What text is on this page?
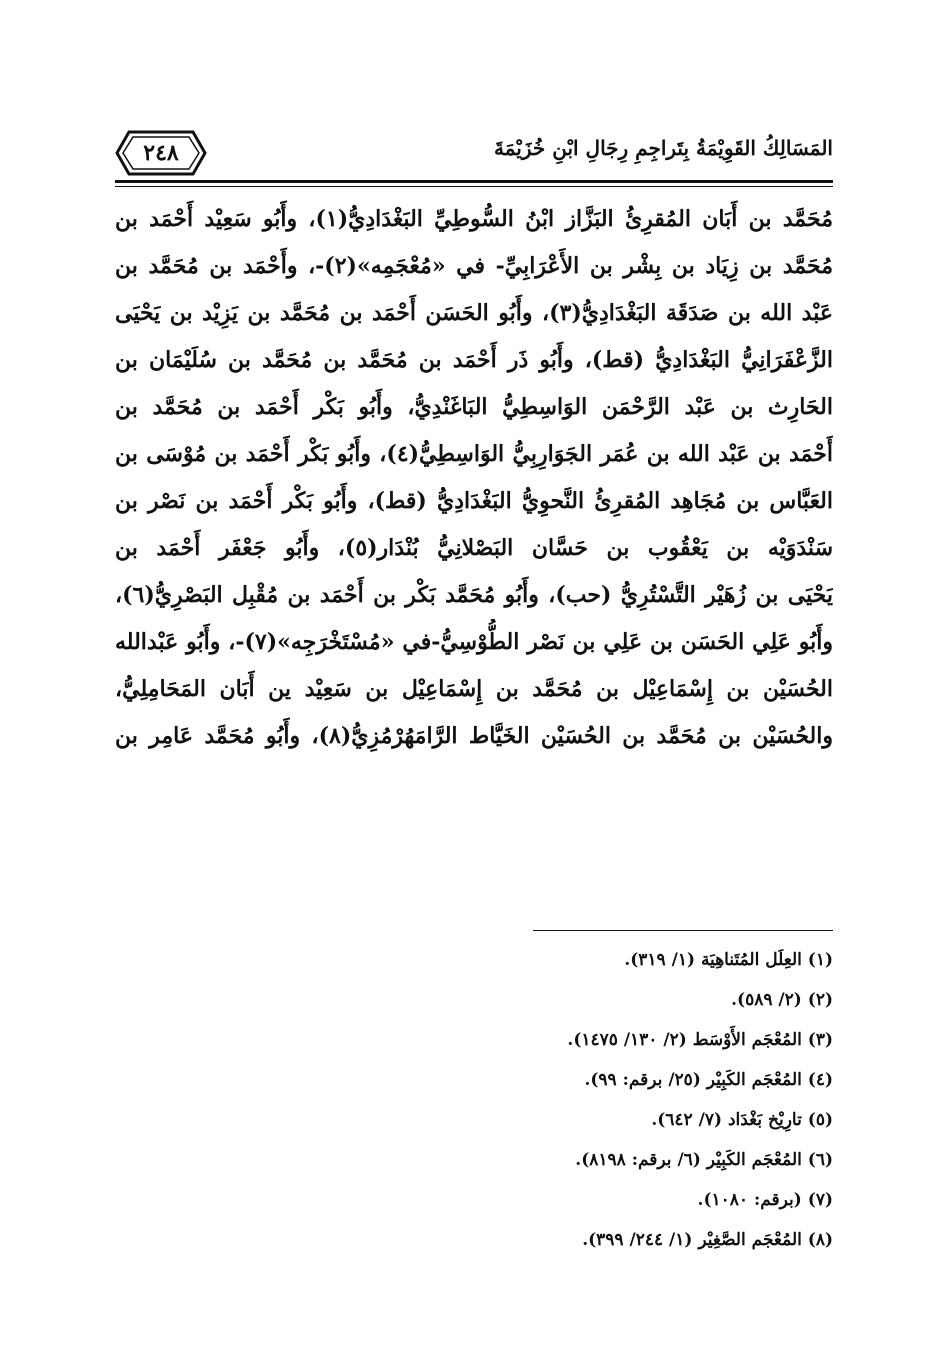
المَسَالِكُ القَوِيْمَةُ بِتَراجِمِ رِجَالِ ابْنِ خُزَيْمَةَ
٢٤٨
مُحَمَّد بن أَبَان المُقرِئُ البَزَّاز ابْنُ السُّوطِيِّ البَغْدَادِيُّ(١)، وأَبُو سَعِيْد أَحْمَد بن
مُحَمَّد بن زِيَاد بن بِشْر بن الأَعْرَابِيِّ- في «مُعْجَمِه»(٢)-، وأَحْمَد بن مُحَمَّد بن
عَبْد الله بن صَدَقَة البَغْدَادِيُّ(٣)، وأَبُو الحَسَن أَحْمَد بن مُحَمَّد بن يَزِيْد بن يَحْيَى
الزَّعْفَرَانِيُّ البَغْدَادِيُّ (قط)، وأَبُو ذَر أَحْمَد بن مُحَمَّد بن مُحَمَّد بن سُلَيْمَان بن
الحَارِث بن عَبْد الرَّحْمَن الوَاسِطِيُّ البَاغَنْدِيُّ، وأَبُو بَكْر أَحْمَد بن مُحَمَّد بن
أَحْمَد بن عَبْد الله بن عُمَر الجَوَارِبِيُّ الوَاسِطِيُّ(٤)، وأَبُو بَكْر أَحْمَد بن مُوْسَى بن
العَبَّاس بن مُجَاهِد المُقرِئُ النَّحوِيُّ البَغْدَادِيُّ (قط)، وأَبُو بَكْر أَحْمَد بن نَصْر بن
سَنْدَوَيْه بن يَعْقُوب بن حَسَّان البَصْلانِيُّ بُنْدَار(٥)، وأَبُو جَعْفَر أَحْمَد بن
يَحْيَى بن زُهَيْر التَّسْتُرِيُّ (حب)، وأَبُو مُحَمَّد بَكْر بن أَحْمَد بن مُقْبِل البَصْرِيُّ(٦)،
وأَبُو عَلِي الحَسَن بن عَلِي بن نَصْر الطُّوْسِيُّ-في «مُسْتَخْرَجِه»(٧)-، وأَبُو عَبْدالله
الحُسَيْن بن إِسْمَاعِيْل بن مُحَمَّد بن إِسْمَاعِيْل بن سَعِيْد ين أَبَان المَحَامِلِيُّ،
والحُسَيْن بن مُحَمَّد بن الحُسَيْن الخَيَّاط الرَّامَهُرْمُزِيُّ(٨)، وأَبُو مُحَمَّد عَامِر بن
(١) العِلَل المُتَناهِيَة (١/ ٣١٩).
(٢) (٢/ ٥٨٩).
(٣) المُعْجَم الأَوْسَط (٢/ ١٣٠/ ١٤٧٥).
(٤) المُعْجَم الكَبِيْر (٢٥/ برقم: ٩٩).
(٥) تارِيْخ بَغْدَاد (٧/ ٦٤٢).
(٦) المُعْجَم الكَبِيْر (٦/ برقم: ٨١٩٨).
(٧) (برقم: ١٠٨٠).
(٨) المُعْجَم الصَّغِيْر (١/ ٢٤٤/ ٣٩٩).
